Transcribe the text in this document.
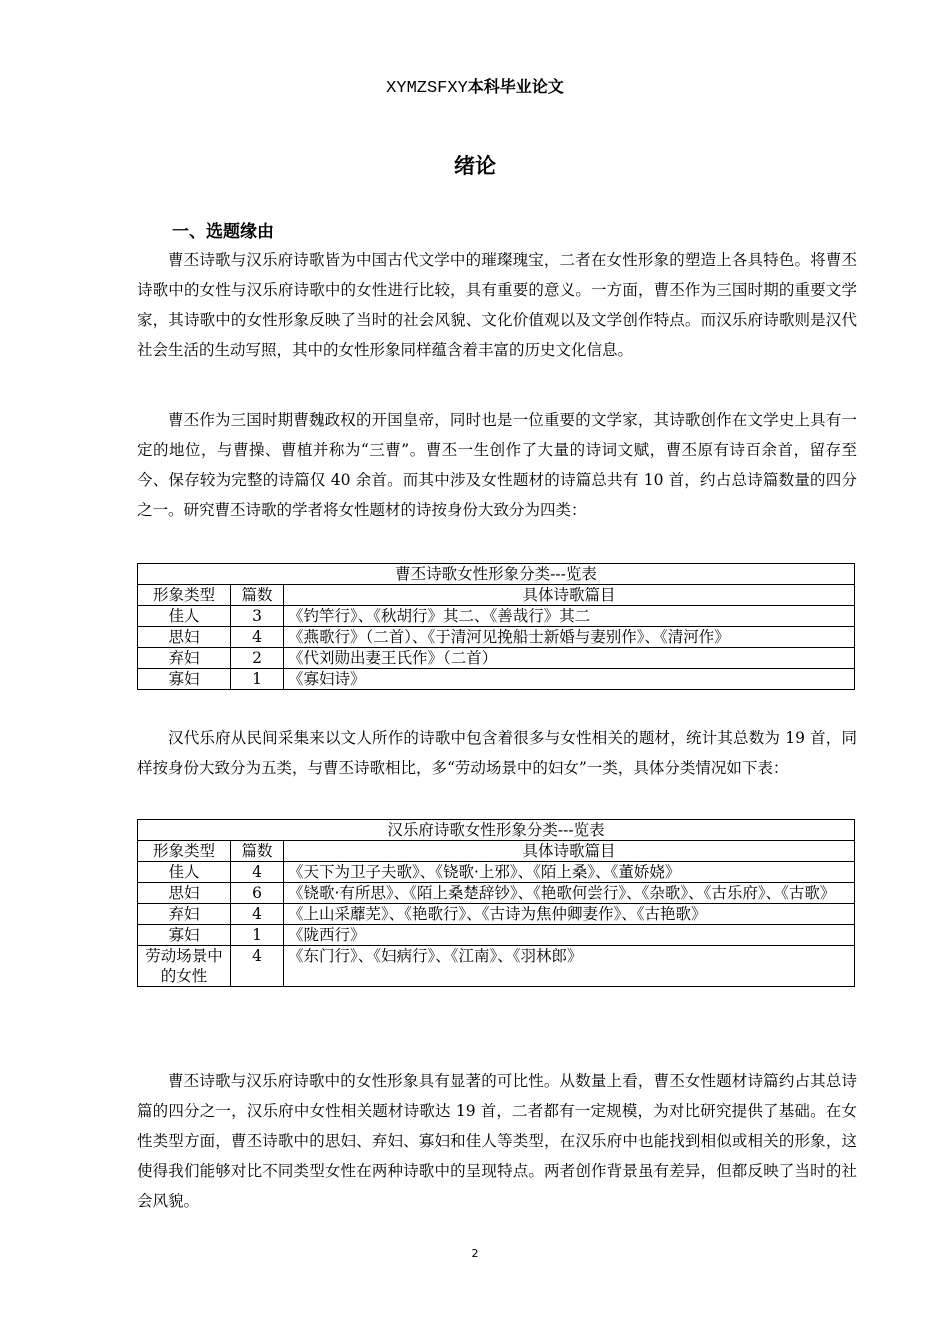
XYMZSFXY本科毕业论文
绪论
一、选题缘由

曹丕诗歌与汉乐府诗歌皆为中国古代文学中的璀璨瑰宝，二者在女性形象的塑造上各具特色。将曹丕诗歌中的女性与汉乐府诗歌中的女性进行比较，具有重要的意义。一方面，曹丕作为三国时期的重要文学家，其诗歌中的女性形象反映了当时的社会风貌、文化价值观以及文学创作特点。而汉乐府诗歌则是汉代社会生活的生动写照，其中的女性形象同样蕴含着丰富的历史文化信息。

曹丕作为三国时期曹魏政权的开国皇帝，同时也是一位重要的文学家，其诗歌创作在文学史上具有一定的地位，与曹操、曹植并称为“三曹”。曹丕一生创作了大量的诗词文赋，曹丕原有诗百余首，留存至今、保存较为完整的诗篇仅 40 余首。而其中涉及女性题材的诗篇总共有 10 首，约占总诗篇数量的四分之一。研究曹丕诗歌的学者将女性题材的诗按身份大致分为四类：

曹丕诗歌女性形象分类---览表		
形象类型	篇数	具体诗歌篇目
佳人	3	《钓竿行》、《秋胡行》其二、《善哉行》其二
思妇	4	《燕歌行》（二首）、《于清河见挽船士新婚与妻别作》、《清河作》
弃妇	2	《代刘勋出妻王氏作》（二首）
寡妇	1	《寡妇诗》

汉代乐府从民间采集来以文人所作的诗歌中包含着很多与女性相关的题材，统计其总数为 19 首，同样按身份大致分为五类，与曹丕诗歌相比，多“劳动场景中的妇女”一类，具体分类情况如下表：

汉乐府诗歌女性形象分类---览表		
形象类型	篇数	具体诗歌篇目
佳人	4	《天下为卫子夫歌》、《铙歌·上邪》、《陌上桑》、《董娇娆》
思妇	6	《铙歌·有所思》、《陌上桑楚辞钞》、《艳歌何尝行》、《杂歌》、《古乐府》、《古歌》
弃妇	4	《上山采蘼芜》、《艳歌行》、《古诗为焦仲卿妻作》、《古艳歌》
寡妇	1	《陇西行》
劳动场景中的女性	4	《东门行》、《妇病行》、《江南》、《羽林郎》

曹丕诗歌与汉乐府诗歌中的女性形象具有显著的可比性。从数量上看，曹丕女性题材诗篇约占其总诗篇的四分之一，汉乐府中女性相关题材诗歌达 19 首，二者都有一定规模，为对比研究提供了基础。在女性类型方面，曹丕诗歌中的思妇、弃妇、寡妇和佳人等类型，在汉乐府中也能找到相似或相关的形象，这使得我们能够对比不同类型女性在两种诗歌中的呈现特点。两者创作背景虽有差异，但都反映了当时的社会风貌。

2
